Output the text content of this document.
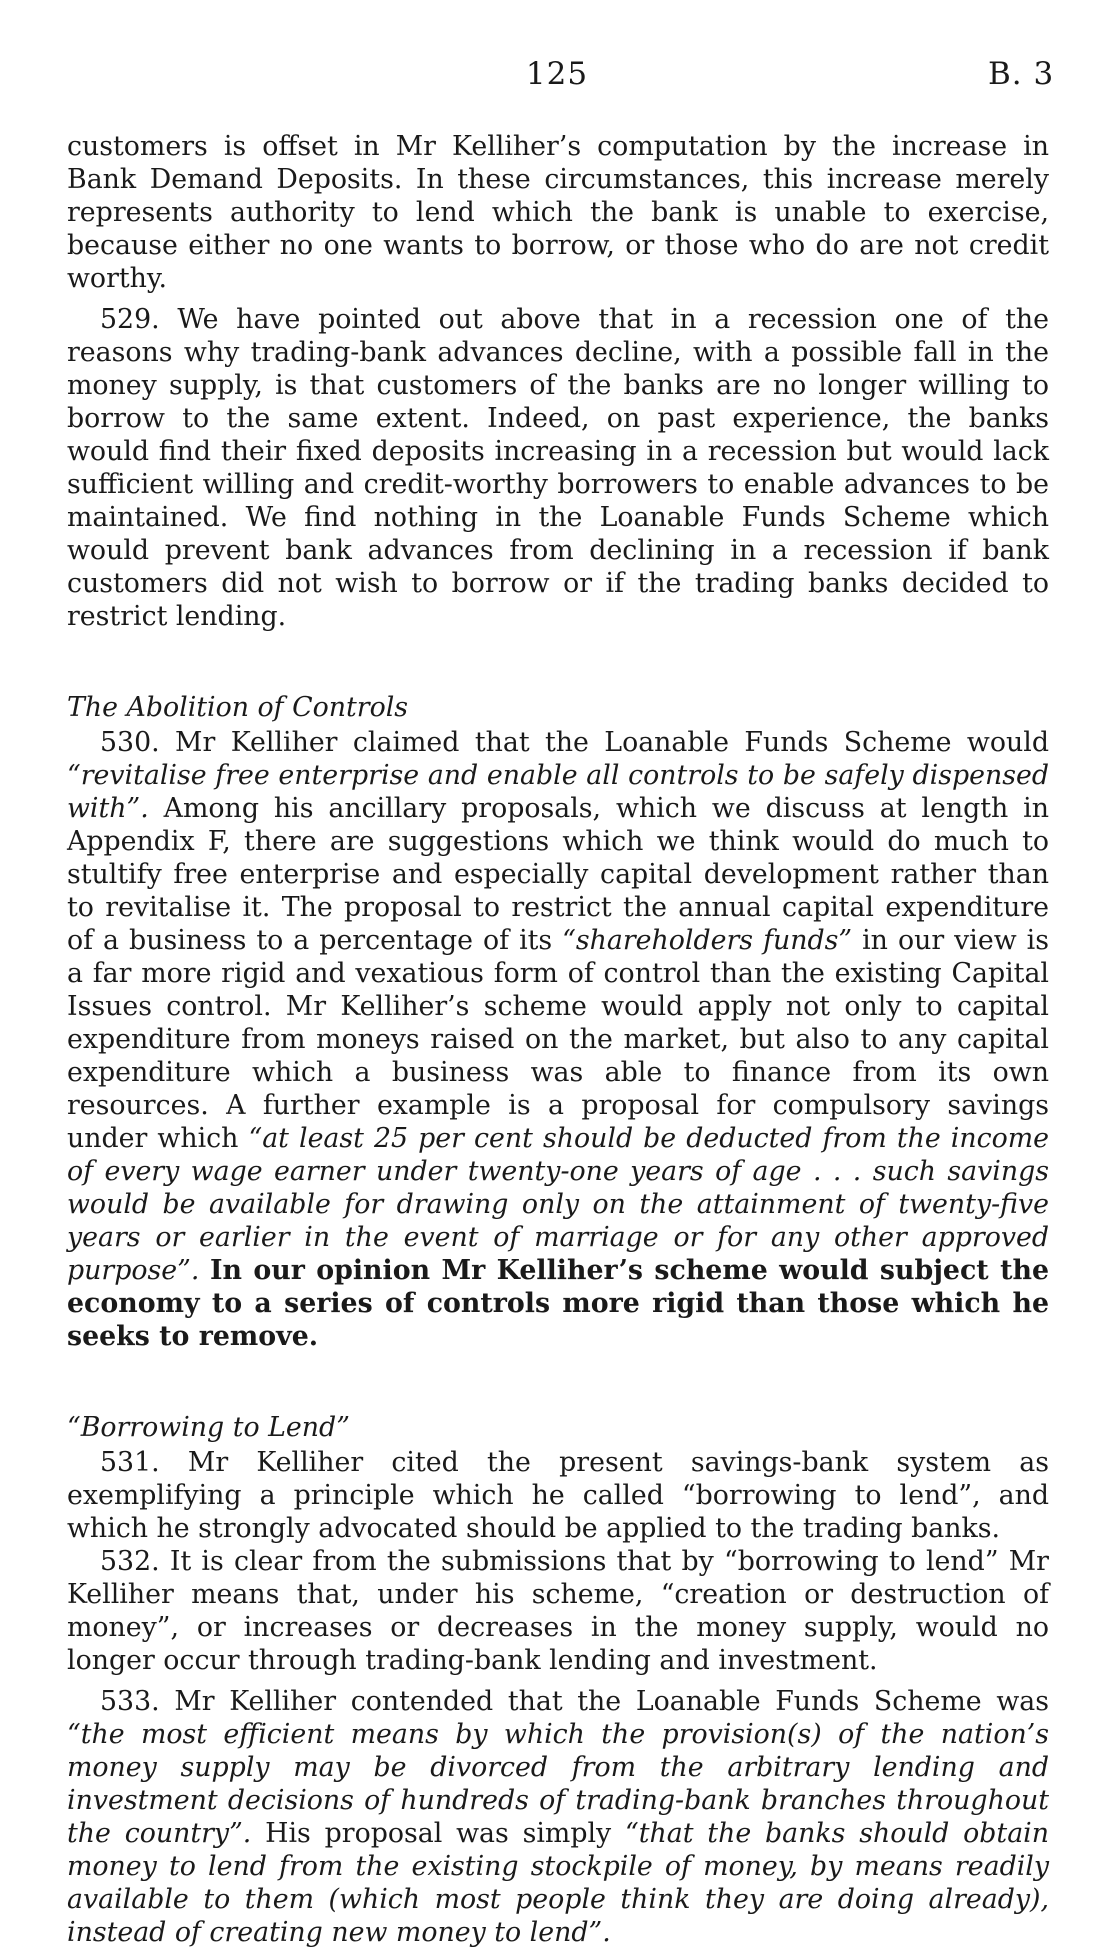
125	B. 3

customers is offset in Mr Kelliher’s computation by the increase in Bank Demand Deposits. In these circumstances, this increase merely represents authority to lend which the bank is unable to exercise, because either no one wants to borrow, or those who do are not credit worthy.

529. We have pointed out above that in a recession one of the reasons why trading-bank advances decline, with a possible fall in the money supply, is that customers of the banks are no longer willing to borrow to the same extent. Indeed, on past experience, the banks would find their fixed deposits increasing in a recession but would lack sufficient willing and credit-worthy borrowers to enable advances to be maintained. We find nothing in the Loanable Funds Scheme which would prevent bank advances from declining in a recession if bank customers did not wish to borrow or if the trading banks decided to restrict lending.

The Abolition of Controls

530. Mr Kelliher claimed that the Loanable Funds Scheme would “revitalise free enterprise and enable all controls to be safely dispensed with”. Among his ancillary proposals, which we discuss at length in Appendix F, there are suggestions which we think would do much to stultify free enterprise and especially capital development rather than to revitalise it. The proposal to restrict the annual capital expenditure of a business to a percentage of its “shareholders funds” in our view is a far more rigid and vexatious form of control than the existing Capital Issues control. Mr Kelliher’s scheme would apply not only to capital expenditure from moneys raised on the market, but also to any capital expenditure which a business was able to finance from its own resources. A further example is a proposal for compulsory savings under which “at least 25 per cent should be deducted from the income of every wage earner under twenty-one years of age . . . such savings would be available for drawing only on the attainment of twenty-five years or earlier in the event of marriage or for any other approved purpose”. In our opinion Mr Kelliher’s scheme would subject the economy to a series of controls more rigid than those which he seeks to remove.

“Borrowing to Lend”

531. Mr Kelliher cited the present savings-bank system as exemplifying a principle which he called “borrowing to lend”, and which he strongly advocated should be applied to the trading banks.

532. It is clear from the submissions that by “borrowing to lend” Mr Kelliher means that, under his scheme, “creation or destruction of money”, or increases or decreases in the money supply, would no longer occur through trading-bank lending and investment.

533. Mr Kelliher contended that the Loanable Funds Scheme was “the most efficient means by which the provision(s) of the nation’s money supply may be divorced from the arbitrary lending and investment decisions of hundreds of trading-bank branches throughout the country”. His proposal was simply “that the banks should obtain money to lend from the existing stockpile of money, by means readily available to them (which most people think they are doing already), instead of creating new money to lend”.
